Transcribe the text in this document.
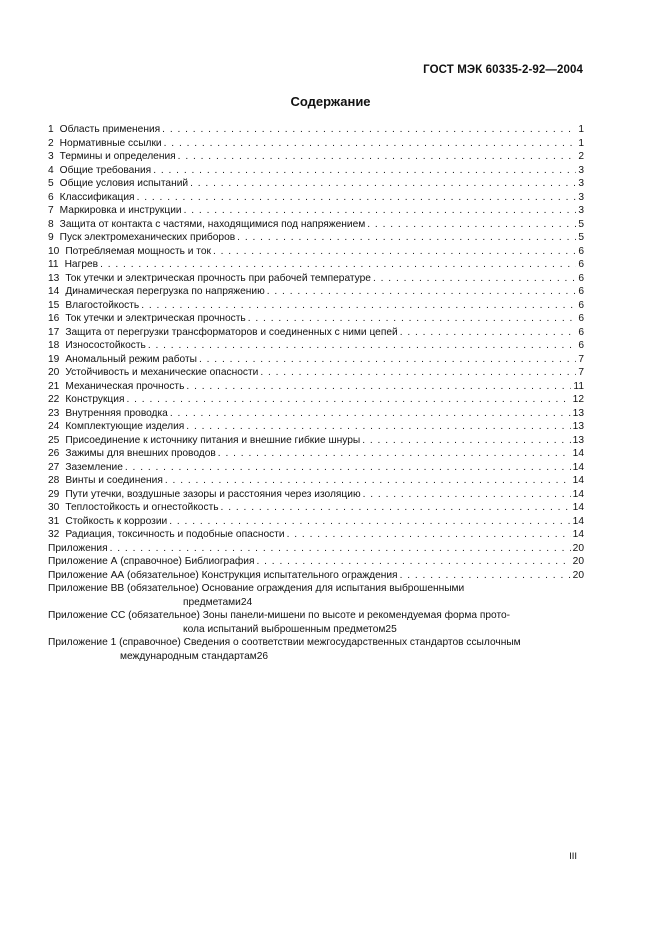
ГОСТ МЭК 60335-2-92—2004
Содержание
1 Область применения . . .	1
2 Нормативные ссылки . . .	1
3 Термины и определения . . .	2
4 Общие требования . . .	3
5 Общие условия испытаний . . .	3
6 Классификация . . .	3
7 Маркировка и инструкции . . .	3
8 Защита от контакта с частями, находящимися под напряжением . . .	5
9 Пуск электромеханических приборов . . .	5
10 Потребляемая мощность и ток . . .	6
11 Нагрев . . .	6
13 Ток утечки и электрическая прочность при рабочей температуре . . .	6
14 Динамическая перегрузка по напряжению . . .	6
15 Влагостойкость . . .	6
16 Ток утечки и электрическая прочность . . .	6
17 Защита от перегрузки трансформаторов и соединенных с ними цепей . . .	6
18 Износостойкость . . .	6
19 Аномальный режим работы . . .	7
20 Устойчивость и механические опасности . . .	7
21 Механическая прочность . . .	11
22 Конструкция . . .	12
23 Внутренняя проводка . . .	13
24 Комплектующие изделия . . .	13
25 Присоединение к источнику питания и внешние гибкие шнуры . . .	13
26 Зажимы для внешних проводов . . .	14
27 Заземление . . .	14
28 Винты и соединения . . .	14
29 Пути утечки, воздушные зазоры и расстояния через изоляцию . . .	14
30 Теплостойкость и огнестойкость . . .	14
31 Стойкость к коррозии . . .	14
32 Радиация, токсичность и подобные опасности . . .	14
Приложения . . .	20
Приложение А (справочное) Библиография . . .	20
Приложение АА (обязательное) Конструкция испытательного ограждения . . .	20
Приложение ВВ (обязательное) Основание ограждения для испытания выброшенными
предметами 24
Приложение СС (обязательное) Зоны панели-мишени по высоте и рекомендуемая форма прото-
кола испытаний выброшенным предметом 25
Приложение 1 (справочное) Сведения о соответствии межгосударственных стандартов ссылочным
международным стандартам 26
III
